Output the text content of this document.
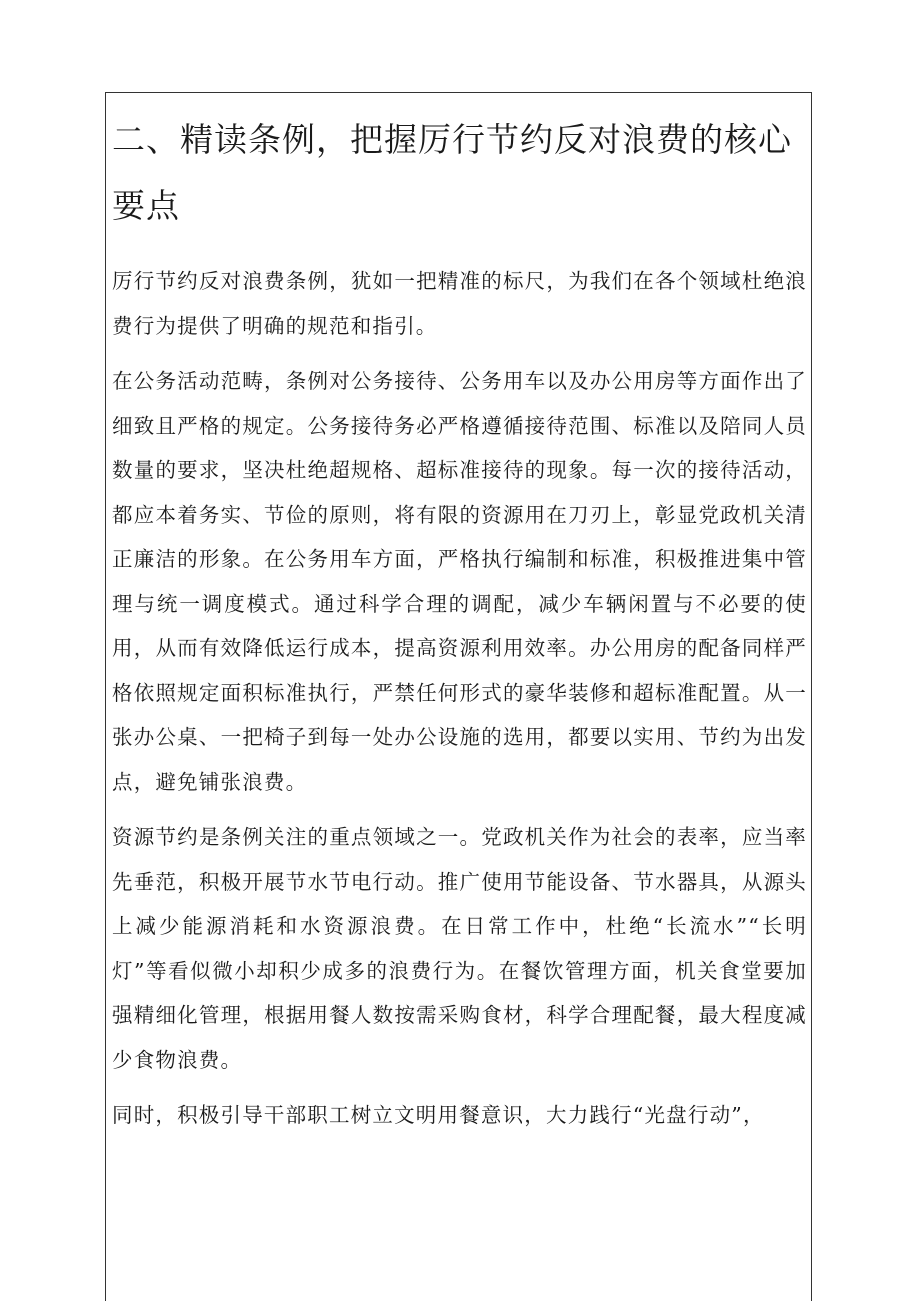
二、精读条例，把握厉行节约反对浪费的核心要点

厉行节约反对浪费条例，犹如一把精准的标尺，为我们在各个领域杜绝浪费行为提供了明确的规范和指引。

在公务活动范畴，条例对公务接待、公务用车以及办公用房等方面作出了细致且严格的规定。公务接待务必严格遵循接待范围、标准以及陪同人员数量的要求，坚决杜绝超规格、超标准接待的现象。每一次的接待活动，都应本着务实、节俭的原则，将有限的资源用在刀刃上，彰显党政机关清正廉洁的形象。在公务用车方面，严格执行编制和标准，积极推进集中管理与统一调度模式。通过科学合理的调配，减少车辆闲置与不必要的使用，从而有效降低运行成本，提高资源利用效率。办公用房的配备同样严格依照规定面积标准执行，严禁任何形式的豪华装修和超标准配置。从一张办公桌、一把椅子到每一处办公设施的选用，都要以实用、节约为出发点，避免铺张浪费。

资源节约是条例关注的重点领域之一。党政机关作为社会的表率，应当率先垂范，积极开展节水节电行动。推广使用节能设备、节水器具，从源头上减少能源消耗和水资源浪费。在日常工作中，杜绝“长流水”“长明灯”等看似微小却积少成多的浪费行为。在餐饮管理方面，机关食堂要加强精细化管理，根据用餐人数按需采购食材，科学合理配餐，最大程度减少食物浪费。

同时，积极引导干部职工树立文明用餐意识，大力践行“光盘行动”，
